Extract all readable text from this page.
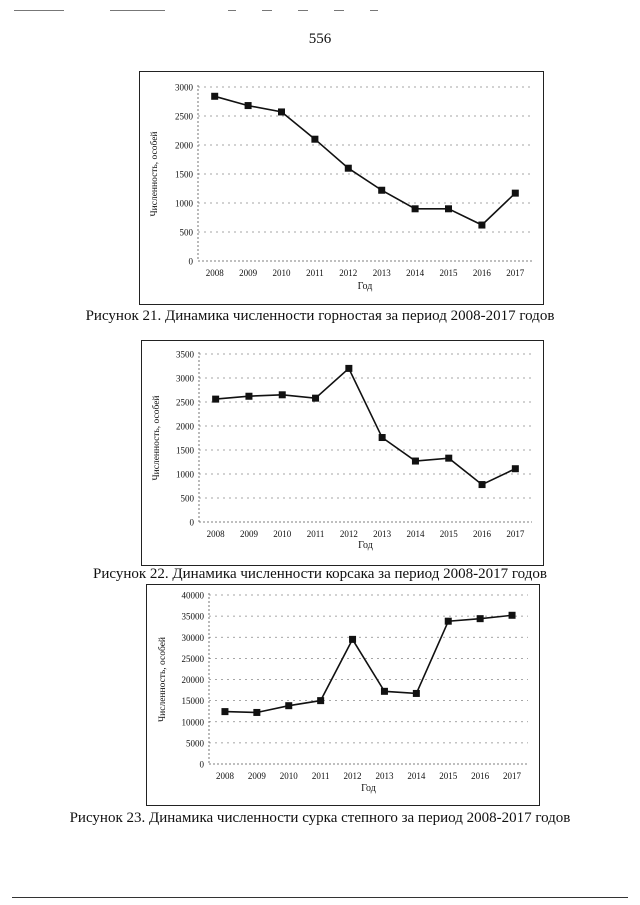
556
0
500
1000
1500
2000
2500
3000
2008 2009 2010 2011 2012 2013 2014 2015 2016 2017
Год
Численность, особей
Рисунок 21. Динамика численности горностая за период 2008-2017 годов
0
500
1000
1500
2000
2500
3000
3500
2008 2009 2010 2011 2012 2013 2014 2015 2016 2017
Год
Численность, особей
Рисунок 22. Динамика численности корсака за период 2008-2017 годов
0
5000
10000
15000
20000
25000
30000
35000
40000
2008 2009 2010 2011 2012 2013 2014 2015 2016 2017
Год
Численность, особей
Рисунок 23. Динамика численности сурка степного за период 2008-2017 годов
